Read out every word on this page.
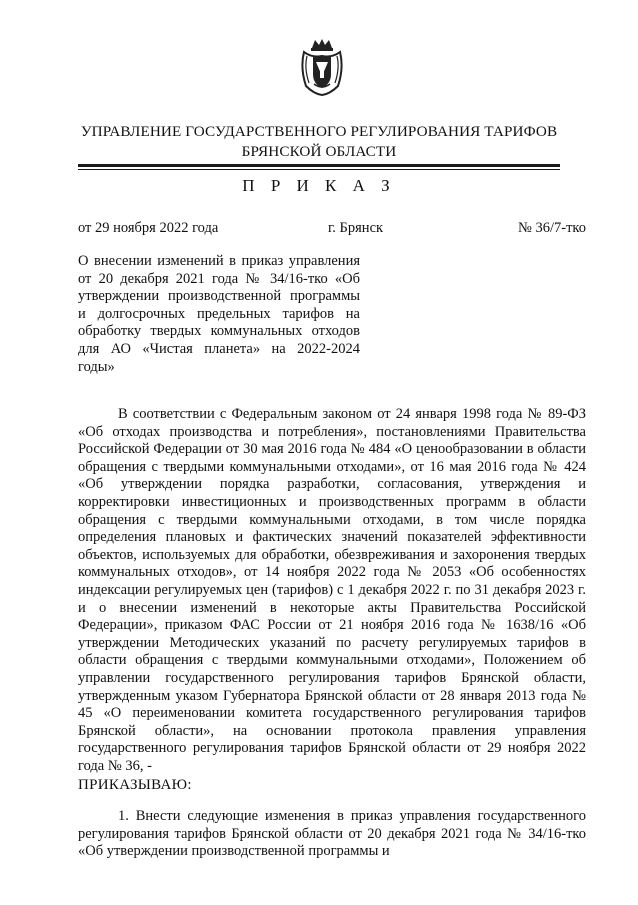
УПРАВЛЕНИЕ ГОСУДАРСТВЕННОГО РЕГУЛИРОВАНИЯ ТАРИФОВ
БРЯНСКОЙ ОБЛАСТИ
П Р И К А З
от 29 ноября 2022 года	г. Брянск	№ 36/7-тко
О внесении изменений в приказ управления от 20 декабря 2021 года № 34/16-тко «Об утверждении производственной программы и долгосрочных предельных тарифов на обработку твердых коммунальных отходов для АО «Чистая планета» на 2022-2024 годы»

В соответствии с Федеральным законом от 24 января 1998 года № 89-ФЗ «Об отходах производства и потребления», постановлениями Правительства Российской Федерации от 30 мая 2016 года № 484 «О ценообразовании в области обращения с твердыми коммунальными отходами», от 16 мая 2016 года № 424 «Об утверждении порядка разработки, согласования, утверждения и корректировки инвестиционных и производственных программ в области обращения с твердыми коммунальными отходами, в том числе порядка определения плановых и фактических значений показателей эффективности объектов, используемых для обработки, обезвреживания и захоронения твердых коммунальных отходов», от 14 ноября 2022 года № 2053 «Об особенностях индексации регулируемых цен (тарифов) с 1 декабря 2022 г. по 31 декабря 2023 г. и о внесении изменений в некоторые акты Правительства Российской Федерации», приказом ФАС России от 21 ноября 2016 года № 1638/16 «Об утверждении Методических указаний по расчету регулируемых тарифов в области обращения с твердыми коммунальными отходами», Положением об управлении государственного регулирования тарифов Брянской области, утвержденным указом Губернатора Брянской области от 28 января 2013 года № 45 «О переименовании комитета государственного регулирования тарифов Брянской области», на основании протокола правления управления государственного регулирования тарифов Брянской области от 29 ноября 2022 года № 36, -

ПРИКАЗЫВАЮ:
1. Внести следующие изменения в приказ управления государственного регулирования тарифов Брянской области от 20 декабря 2021 года № 34/16-тко «Об утверждении производственной программы и
